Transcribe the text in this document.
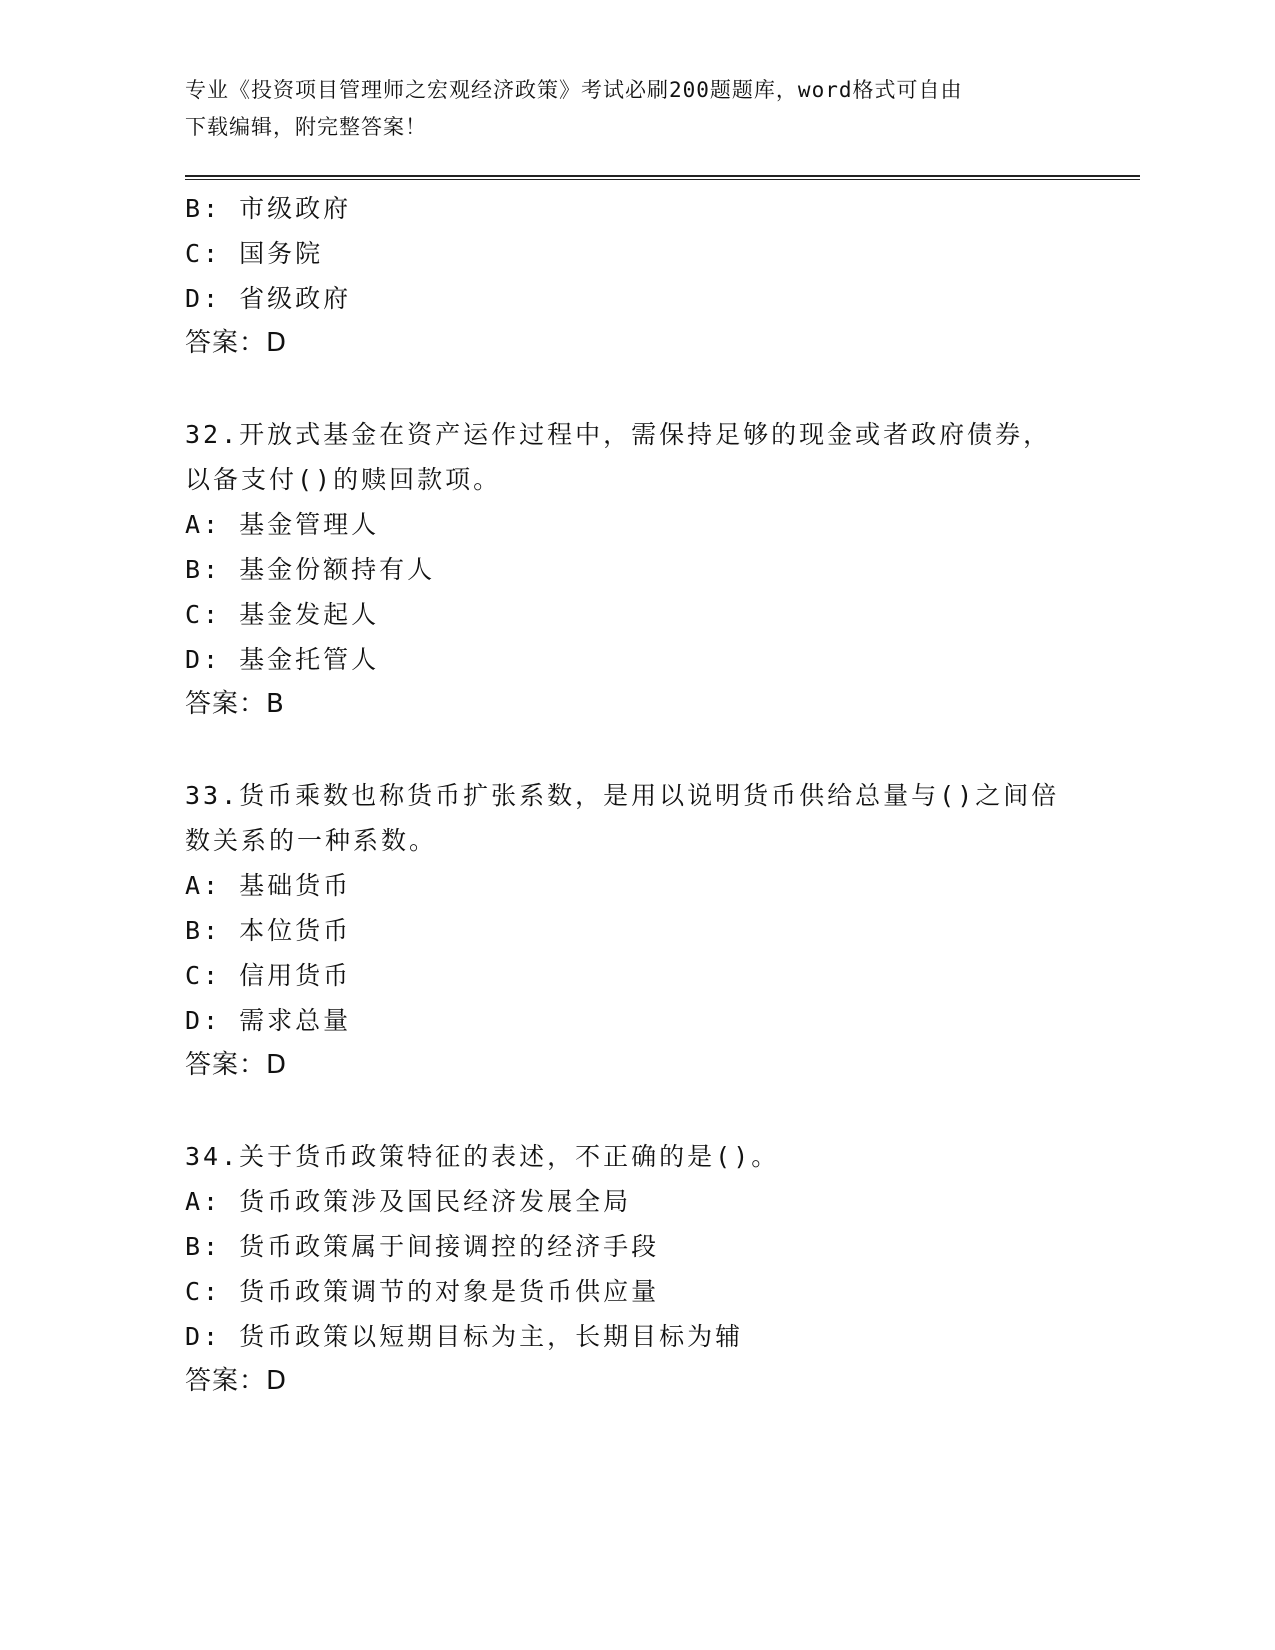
专业《投资项目管理师之宏观经济政策》考试必刷200题题库，word格式可自由
下载编辑，附完整答案！
B: 市级政府
C: 国务院
D: 省级政府
答案：D
32.开放式基金在资产运作过程中，需保持足够的现金或者政府债券，
以备支付()的赎回款项。
A: 基金管理人
B: 基金份额持有人
C: 基金发起人
D: 基金托管人
答案：B
33.货币乘数也称货币扩张系数，是用以说明货币供给总量与()之间倍
数关系的一种系数。
A: 基础货币
B: 本位货币
C: 信用货币
D: 需求总量
答案：D
34.关于货币政策特征的表述，不正确的是()。
A: 货币政策涉及国民经济发展全局
B: 货币政策属于间接调控的经济手段
C: 货币政策调节的对象是货币供应量
D: 货币政策以短期目标为主，长期目标为辅
答案：D
